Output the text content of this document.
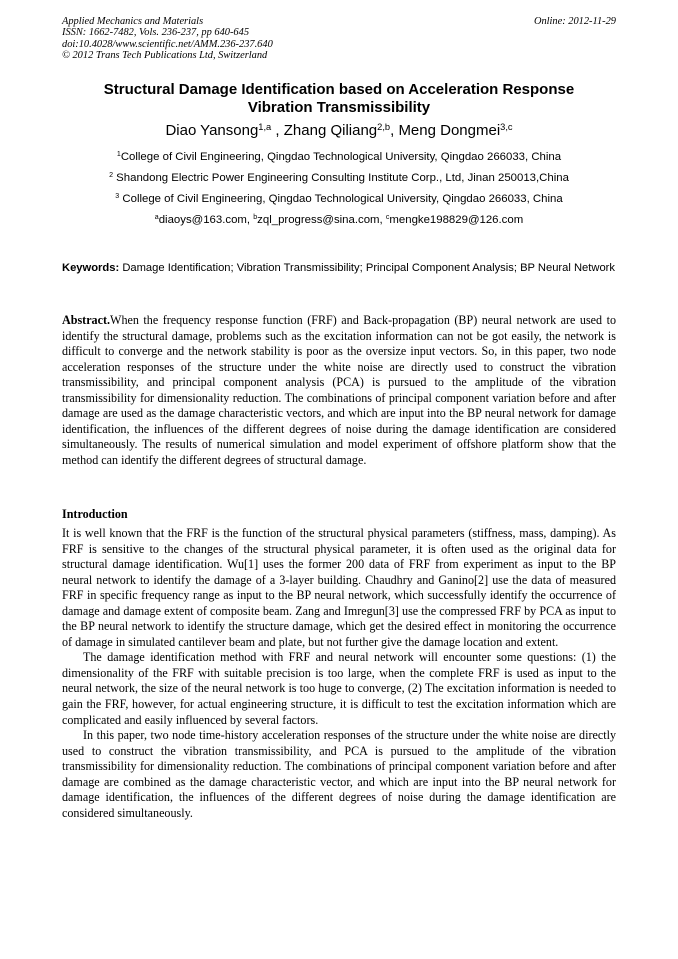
Applied Mechanics and Materials
ISSN: 1662-7482, Vols. 236-237, pp 640-645
doi:10.4028/www.scientific.net/AMM.236-237.640
© 2012 Trans Tech Publications Ltd, Switzerland
Online: 2012-11-29
Structural Damage Identification based on Acceleration Response
Vibration Transmissibility
Diao Yansong$^{1,a}$ , Zhang Qiliang$^{2,b}$, Meng Dongmei$^{3,c}$
$^1$College of Civil Engineering, Qingdao Technological University, Qingdao 266033, China
$^2$ Shandong Electric Power Engineering Consulting Institute Corp., Ltd, Jinan 250013,China
$^3$ College of Civil Engineering, Qingdao Technological University, Qingdao 266033, China
$^a$diaoys@163.com, $^b$zql_progress@sina.com, $^c$mengke198829@126.com
Keywords: Damage Identification; Vibration Transmissibility; Principal Component Analysis; BP Neural Network

Abstract.When the frequency response function (FRF) and Back-propagation (BP) neural network are used to identify the structural damage, problems such as the excitation information can not be got easily, the network is difficult to converge and the network stability is poor as the oversize input vectors. So, in this paper, two node acceleration responses of the structure under the white noise are directly used to construct the vibration transmissibility, and principal component analysis (PCA) is pursued to the amplitude of the vibration transmissibility for dimensionality reduction. The combinations of principal component variation before and after damage are used as the damage characteristic vectors, and which are input into the BP neural network for damage identification, the influences of the different degrees of noise during the damage identification are considered simultaneously. The results of numerical simulation and model experiment of offshore platform show that the method can identify the different degrees of structural damage.

Introduction

It is well known that the FRF is the function of the structural physical parameters (stiffness, mass, damping). As FRF is sensitive to the changes of the structural physical parameter, it is often used as the original data for structural damage identification. Wu[1] uses the former 200 data of FRF from experiment as input to the BP neural network to identify the damage of a 3-layer building. Chaudhry and Ganino[2] use the data of measured FRF in specific frequency range as input to the BP neural network, which successfully identify the occurrence of damage and damage extent of composite beam. Zang and Imregun[3] use the compressed FRF by PCA as input to the BP neural network to identify the structure damage, which get the desired effect in monitoring the occurrence of damage in simulated cantilever beam and plate, but not further give the damage location and extent.

The damage identification method with FRF and neural network will encounter some questions: (1) the dimensionality of the FRF with suitable precision is too large, when the complete FRF is used as input to the neural network, the size of the neural network is too huge to converge, (2) The excitation information is needed to gain the FRF, however, for actual engineering structure, it is difficult to test the excitation information which are complicated and easily influenced by several factors.

In this paper, two node time-history acceleration responses of the structure under the white noise are directly used to construct the vibration transmissibility, and PCA is pursued to the amplitude of the vibration transmissibility for dimensionality reduction. The combinations of principal component variation before and after damage are combined as the damage characteristic vector, and which are input into the BP neural network for damage identification, the influences of the different degrees of noise during the damage identification are considered simultaneously.
